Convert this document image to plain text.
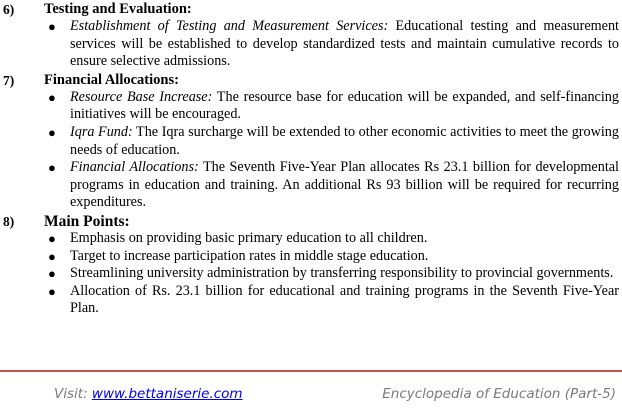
6) Testing and Evaluation:
● Establishment of Testing and Measurement Services: Educational testing and measurement services will be established to develop standardized tests and maintain cumulative records to ensure selective admissions.
7) Financial Allocations:
● Resource Base Increase: The resource base for education will be expanded, and self-financing initiatives will be encouraged.
● Iqra Fund: The Iqra surcharge will be extended to other economic activities to meet the growing needs of education.
● Financial Allocations: The Seventh Five-Year Plan allocates Rs 23.1 billion for developmental programs in education and training. An additional Rs 93 billion will be required for recurring expenditures.
8) Main Points:
● Emphasis on providing basic primary education to all children.
● Target to increase participation rates in middle stage education.
● Streamlining university administration by transferring responsibility to provincial governments.
● Allocation of Rs. 23.1 billion for educational and training programs in the Seventh Five-Year Plan.
Visit: www.bettaniserie.com	Encyclopedia of Education (Part-5)
